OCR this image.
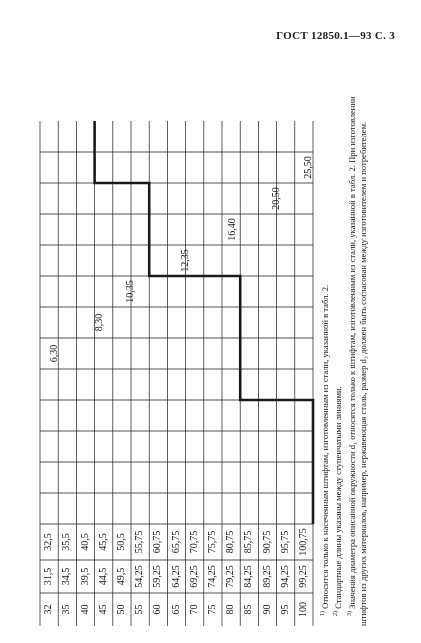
ГОСТ 12850.1—93 С. 3
32
31,5
32,5
35
34,5
35,5
40
39,5
40,5
45
44,5
45,5
50
49,5
50,5
55
54,25
55,75
60
59,25
60,75
65
64,25
65,75
70
69,25
70,75
75
74,25
75,75
80
79,25
80,75
85
84,25
85,75
90
89,25
90,75
95
94,25
95,75
100
99,25
100,75
6,30
8,30
10,35
12,35
16,40
20,50
25,50
$^{1)}$ Относится только к насеченным штифтам, изготовленным из стали, указанной в табл. 2.
$^{2)}$ Стандартные длины указаны между ступенчатыми линиями.
$^{3)}$ Значения диаметра описанной окружности d₁ относятся только к штифтам, изготовленным из стали, указанной в табл. 2. При изготовлении штифтов из других материалов, например, нержавеющая сталь, размер d₂ должен быть согласован между изготовителем и потребителем.
